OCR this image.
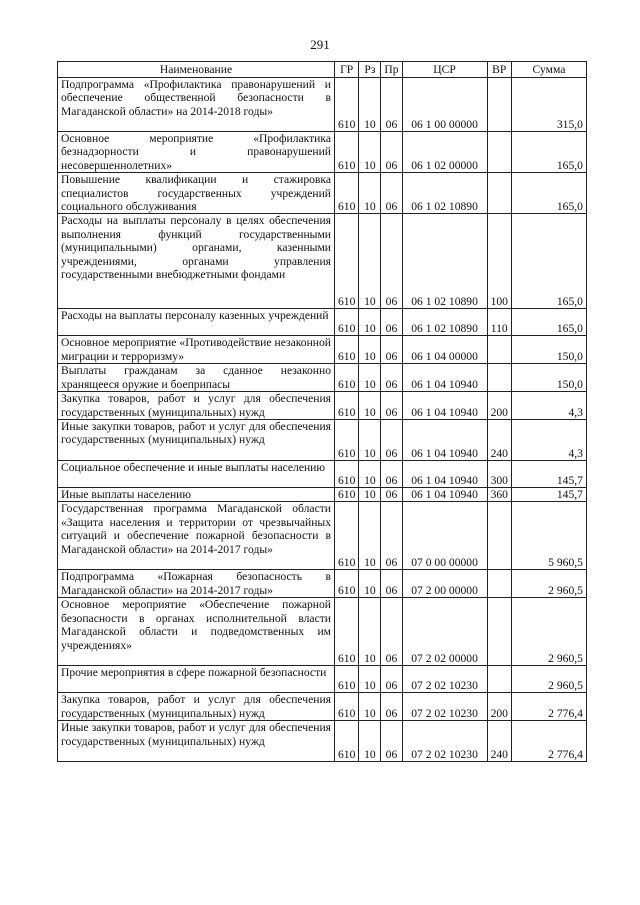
291
Наименование	ГР	Рз	Пр	ЦСР	ВР	Сумма
Подпрограмма «Профилактика правонарушений и обеспечение общественной безопасности в Магаданской области» на 2014-2018 годы»	610	10	06	06 1 00 00000		315,0

Основное мероприятие «Профилактика безнадзорности и правонарушений несовершеннолетних»	610	10	06	06 1 02 00000		165,0

Повышение квалификации и стажировка специалистов государственных учреждений социального обслуживания	610	10	06	06 1 02 10890		165,0

Расходы на выплаты персоналу в целях обеспечения выполнения функций государственными (муниципальными) органами, казенными учреждениями, органами управления государственными внебюджетными фондами	610	10	06	06 1 02 10890	100	165,0

Расходы на выплаты персоналу казенных учреждений	610	10	06	06 1 02 10890	110	165,0

Основное мероприятие «Противодействие незаконной миграции и терроризму»	610	10	06	06 1 04 00000		150,0

Выплаты гражданам за сданное незаконно хранящееся оружие и боеприпасы	610	10	06	06 1 04 10940		150,0

Закупка товаров, работ и услуг для обеспечения государственных (муниципальных) нужд	610	10	06	06 1 04 10940	200	4,3

Иные закупки товаров, работ и услуг для обеспечения государственных (муниципальных) нужд	610	10	06	06 1 04 10940	240	4,3

Социальное обеспечение и иные выплаты населению	610	10	06	06 1 04 10940	300	145,7

Иные выплаты населению	610	10	06	06 1 04 10940	360	145,7

Государственная программа Магаданской области «Защита населения и территории от чрезвычайных ситуаций и обеспечение пожарной безопасности в Магаданской области» на 2014-2017 годы»	610	10	06	07 0 00 00000		5 960,5

Подпрограмма «Пожарная безопасность в Магаданской области» на 2014-2017 годы»	610	10	06	07 2 00 00000		2 960,5

Основное мероприятие «Обеспечение пожарной безопасности в органах исполнительной власти Магаданской области и подведомственных им учреждениях»	610	10	06	07 2 02 00000		2 960,5

Прочие мероприятия в сфере пожарной безопасности	610	10	06	07 2 02 10230		2 960,5

Закупка товаров, работ и услуг для обеспечения государственных (муниципальных) нужд	610	10	06	07 2 02 10230	200	2 776,4

Иные закупки товаров, работ и услуг для обеспечения государственных (муниципальных) нужд	610	10	06	07 2 02 10230	240	2 776,4
